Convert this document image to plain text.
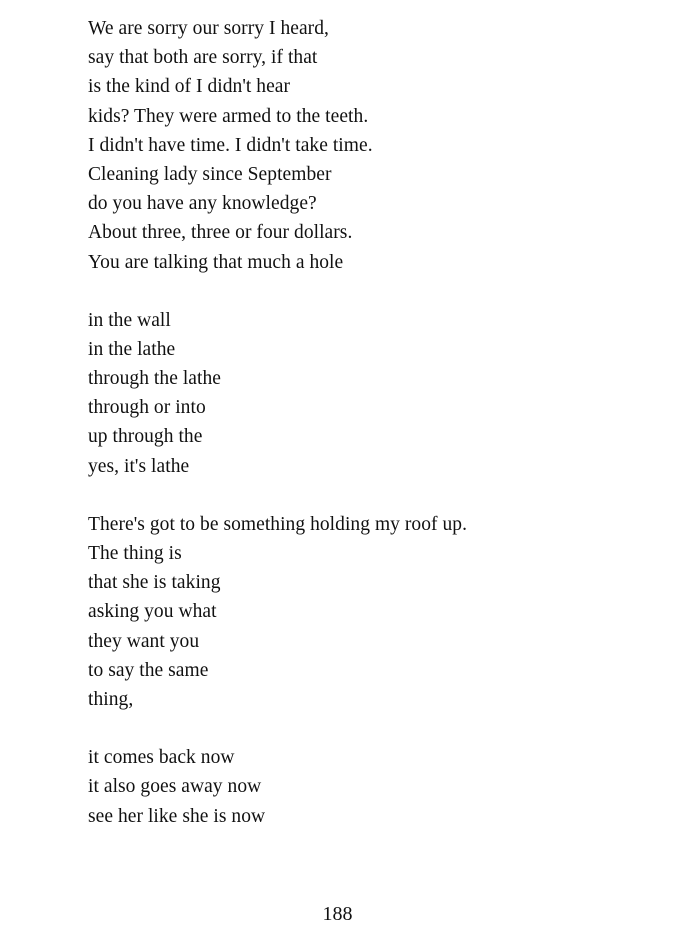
We are sorry our sorry I heard,
say that both are sorry, if that
is the kind of I didn't hear
kids? They were armed to the teeth.
I didn't have time. I didn't take time.
Cleaning lady since September
do you have any knowledge?
About three, three or four dollars.
You are talking that much a hole
in the wall
in the lathe
through the lathe
through or into
up through the
yes, it's lathe
There's got to be something holding my roof up.
The thing is
that she is taking
asking you what
they want you
to say the same
thing,
it comes back now
it also goes away now
see her like she is now
188
